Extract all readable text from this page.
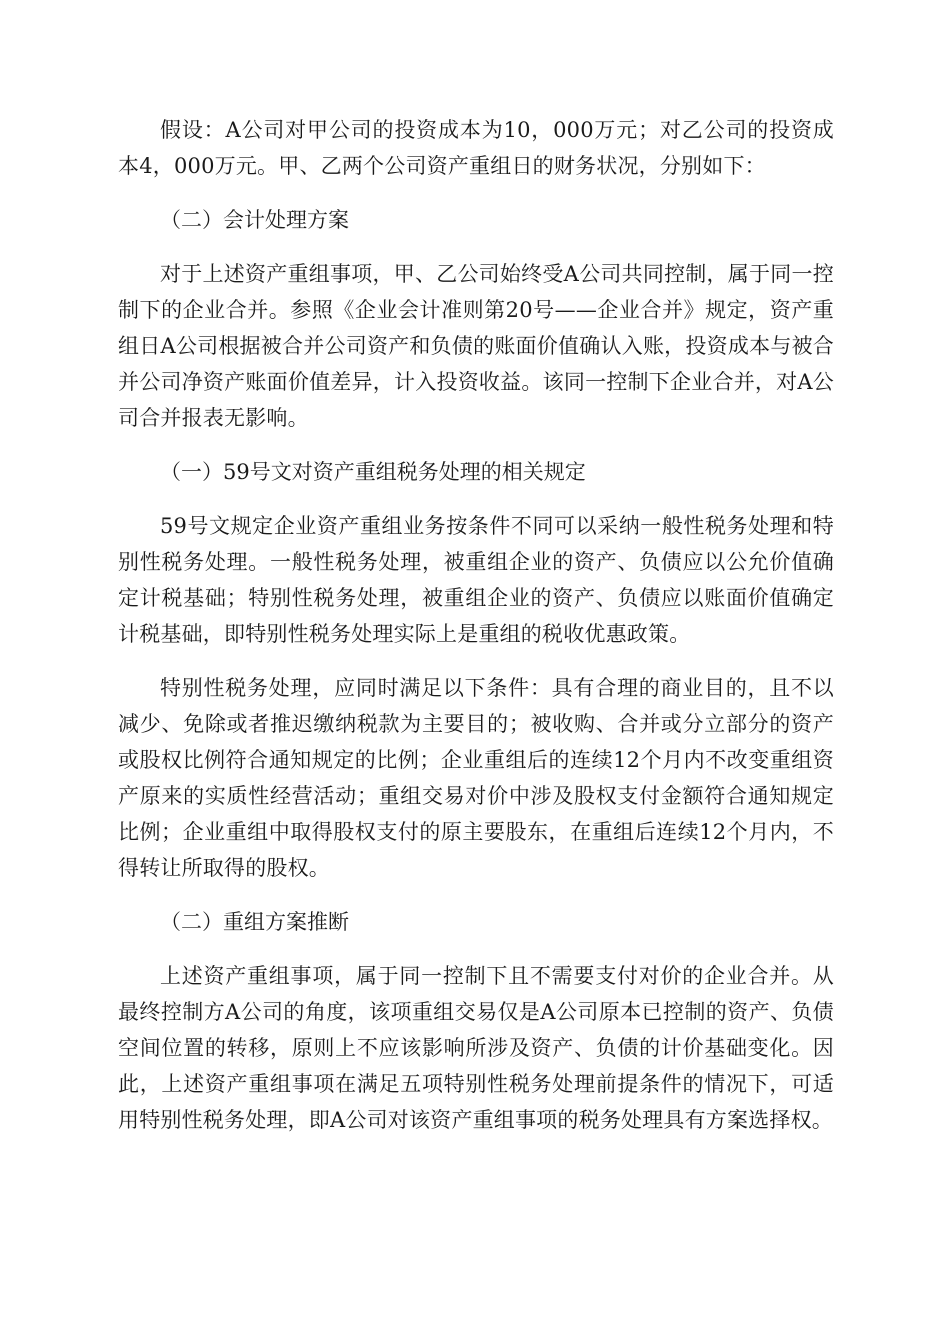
假设：A公司对甲公司的投资成本为10，000万元；对乙公司的投资成本4，000万元。甲、乙两个公司资产重组日的财务状况，分别如下：

（二）会计处理方案

对于上述资产重组事项，甲、乙公司始终受A公司共同控制，属于同一控制下的企业合并。参照《企业会计准则第20号——企业合并》规定，资产重组日A公司根据被合并公司资产和负债的账面价值确认入账，投资成本与被合并公司净资产账面价值差异，计入投资收益。该同一控制下企业合并，对A公司合并报表无影响。

（一）59号文对资产重组税务处理的相关规定

59号文规定企业资产重组业务按条件不同可以采纳一般性税务处理和特别性税务处理。一般性税务处理，被重组企业的资产、负债应以公允价值确定计税基础；特别性税务处理，被重组企业的资产、负债应以账面价值确定计税基础，即特别性税务处理实际上是重组的税收优惠政策。

特别性税务处理，应同时满足以下条件：具有合理的商业目的，且不以减少、免除或者推迟缴纳税款为主要目的；被收购、合并或分立部分的资产或股权比例符合通知规定的比例；企业重组后的连续12个月内不改变重组资产原来的实质性经营活动；重组交易对价中涉及股权支付金额符合通知规定比例；企业重组中取得股权支付的原主要股东，在重组后连续12个月内，不得转让所取得的股权。

（二）重组方案推断

上述资产重组事项，属于同一控制下且不需要支付对价的企业合并。从最终控制方A公司的角度，该项重组交易仅是A公司原本已控制的资产、负债空间位置的转移，原则上不应该影响所涉及资产、负债的计价基础变化。因此，上述资产重组事项在满足五项特别性税务处理前提条件的情况下，可适用特别性税务处理，即A公司对该资产重组事项的税务处理具有方案选择权。
